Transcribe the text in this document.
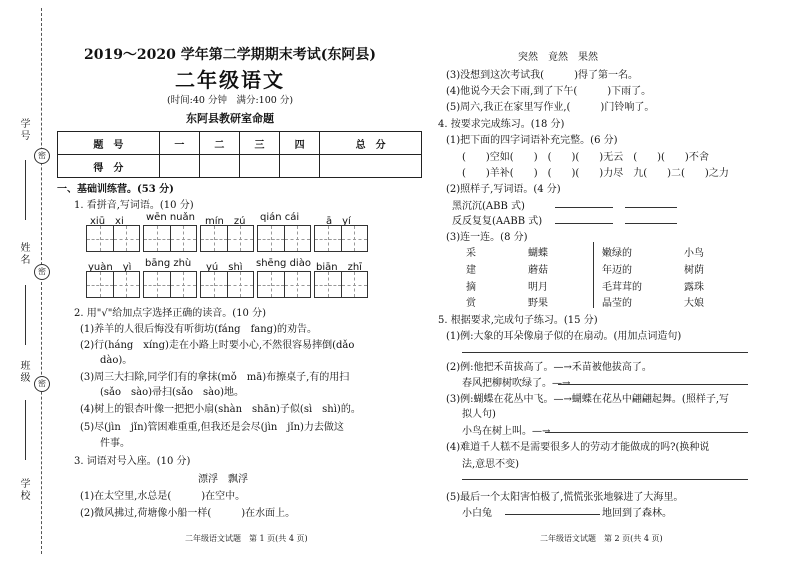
学号
姓名
班级
学校
密
密
密
2019～2020 学年第二学期期末考试(东阿县)
二年级语文
(时间:40 分钟　满分:100 分)
东阿县教研室命题
题　号	一	二	三	四	总　分
得　分					
一、基础训练营。(53 分)
1. 看拼音,写词语。(10 分)
xiū　xi wēn nuǎn mín　zú qián cái	ā　yí
yuàn　yì bāng zhù yú　shì shēng diào biān　zhī
2. 用"√"给加点字选择正确的读音。(10 分)
(1)养羊的人很后悔没有听街坊(fáng　fang)的劝告。
(2)行(háng　xíng)走在小路上时要小心,不然很容易摔倒(dǎo
dào)。
(3)周三大扫除,同学们有的拿抹(mǒ　mā)布擦桌子,有的用扫
(sǎo　sào)帚扫(sǎo　sào)地。
(4)树上的银杏叶像一把把小扇(shàn　shān)子似(sì　shì)的。
(5)尽(jìn　jǐn)管困难重重,但我还是会尽(jìn　jǐn)力去做这
件事。
3. 词语对号入座。(10 分)
漂浮　飘浮
(1)在太空里,水总是(　　　)在空中。
(2)微风拂过,荷塘像小船一样(　　　)在水面上。
二年级语文试题　第 1 页(共 4 页)
突然　竟然　果然
(3)没想到这次考试我(　　　)得了第一名。
(4)他说今天会下雨,到了下午(　　　)下雨了。
(5)周六,我正在家里写作业,(　　　)门铃响了。
4. 按要求完成练习。(18 分)
(1)把下面的四字词语补充完整。(6 分)
(　　)空如(　　)　(　　)(　　)无云　(　　)(　　)不舍
(　　)羊补(　　)　(　　)(　　)力尽　九(　　)二(　　)之力
(2)照样子,写词语。(4 分)
黑沉沉(ABB 式)
反反复复(AABB 式)
(3)连一连。(8 分)
采
建
摘
赏
蝴蝶
蘑菇
明月
野果
嫩绿的
年迈的
毛茸茸的
晶莹的
小鸟
树荫
露珠
大娘
5. 根据要求,完成句子练习。(15 分)
(1)例:大象的耳朵像扇子似的在扇动。(用加点词造句)
(2)例:他把禾苗拔高了。—→禾苗被他拔高了。
春风把柳树吹绿了。—→
(3)例:蝴蝶在花丛中飞。—→蝴蝶在花丛中翩翩起舞。(照样子,写
拟人句)
小鸟在树上叫。—→
(4)难道千人糕不是需要很多人的劳动才能做成的吗?(换种说
法,意思不变)
(5)最后一个太阳害怕极了,慌慌张张地躲进了大海里。
小白兔	地回到了森林。
二年级语文试题　第 2 页(共 4 页)
